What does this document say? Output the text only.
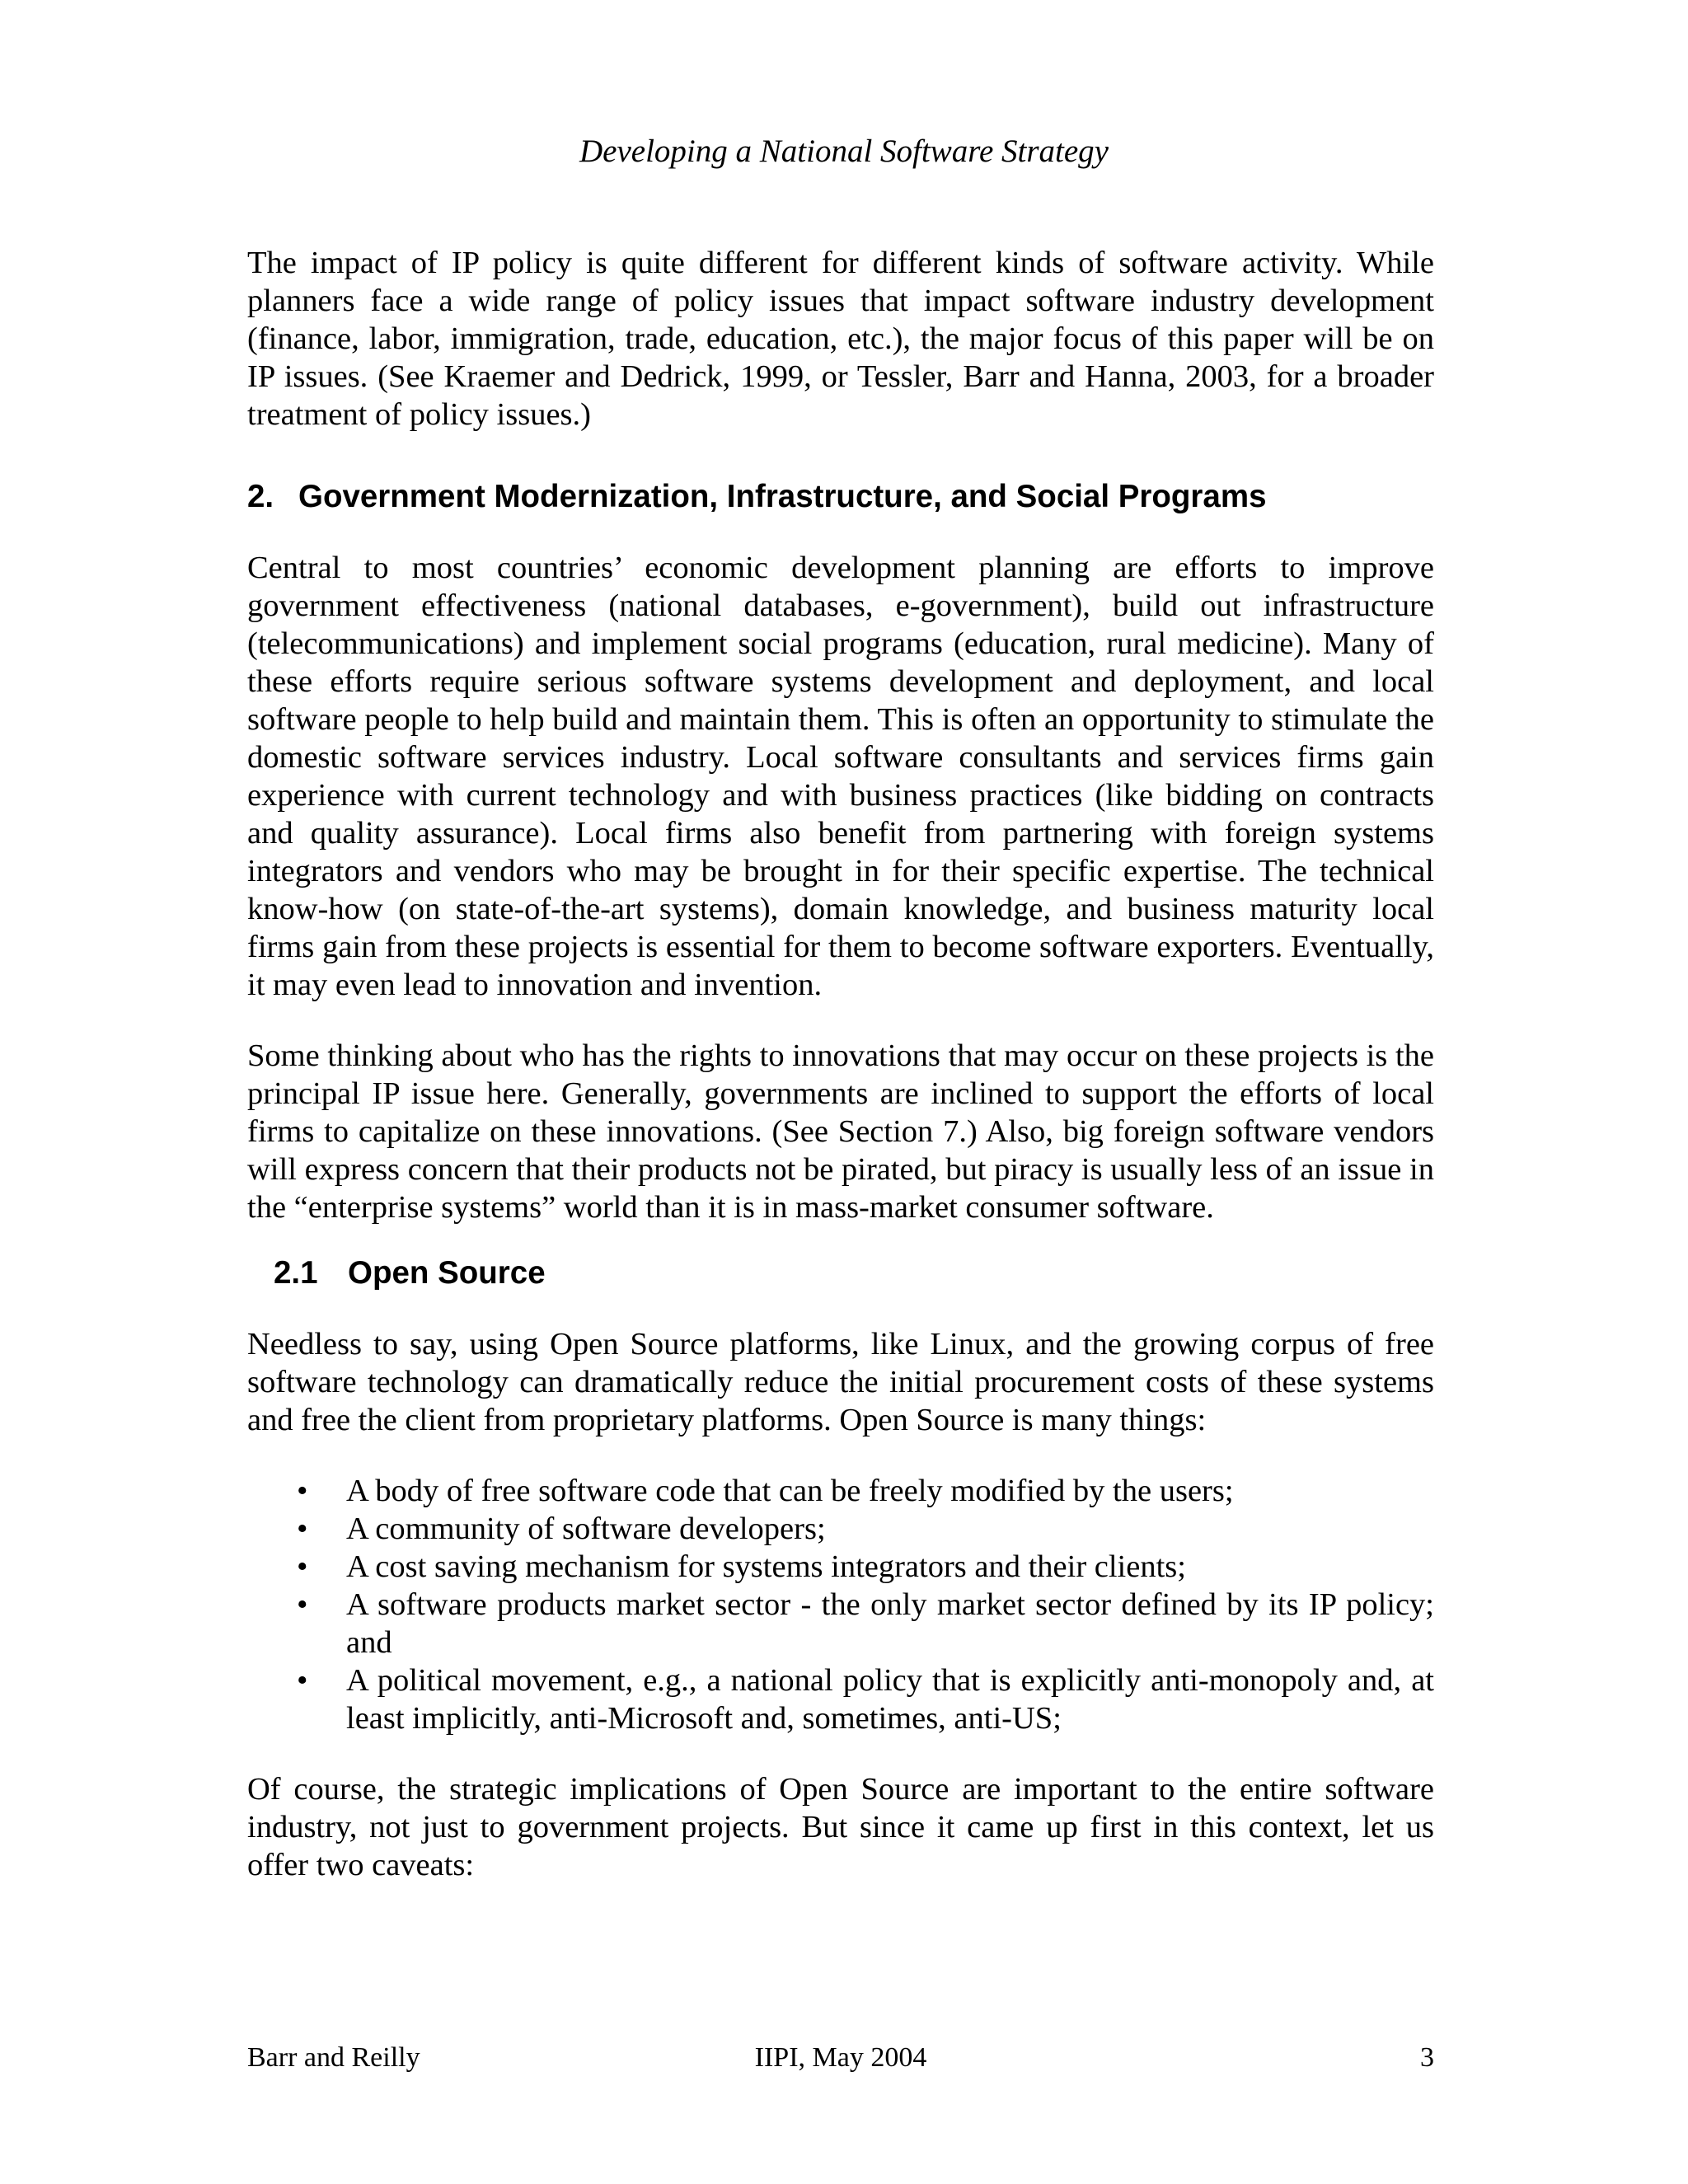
Developing a National Software Strategy

The impact of IP policy is quite different for different kinds of software activity. While planners face a wide range of policy issues that impact software industry development (finance, labor, immigration, trade, education, etc.), the major focus of this paper will be on IP issues. (See Kraemer and Dedrick, 1999, or Tessler, Barr and Hanna, 2003, for a broader treatment of policy issues.)

2. Government Modernization, Infrastructure, and Social Programs

Central to most countries’ economic development planning are efforts to improve government effectiveness (national databases, e-government), build out infrastructure (telecommunications) and implement social programs (education, rural medicine). Many of these efforts require serious software systems development and deployment, and local software people to help build and maintain them. This is often an opportunity to stimulate the domestic software services industry. Local software consultants and services firms gain experience with current technology and with business practices (like bidding on contracts and quality assurance). Local firms also benefit from partnering with foreign systems integrators and vendors who may be brought in for their specific expertise. The technical know-how (on state-of-the-art systems), domain knowledge, and business maturity local firms gain from these projects is essential for them to become software exporters. Eventually, it may even lead to innovation and invention.

Some thinking about who has the rights to innovations that may occur on these projects is the principal IP issue here. Generally, governments are inclined to support the efforts of local firms to capitalize on these innovations. (See Section 7.) Also, big foreign software vendors will express concern that their products not be pirated, but piracy is usually less of an issue in the “enterprise systems” world than it is in mass-market consumer software.

2.1 Open Source

Needless to say, using Open Source platforms, like Linux, and the growing corpus of free software technology can dramatically reduce the initial procurement costs of these systems and free the client from proprietary platforms. Open Source is many things:

• A body of free software code that can be freely modified by the users;
• A community of software developers;
• A cost saving mechanism for systems integrators and their clients;
• A software products market sector - the only market sector defined by its IP policy; and
• A political movement, e.g., a national policy that is explicitly anti-monopoly and, at least implicitly, anti-Microsoft and, sometimes, anti-US;

Of course, the strategic implications of Open Source are important to the entire software industry, not just to government projects. But since it came up first in this context, let us offer two caveats:

Barr and Reilly	IIPI, May 2004	3
